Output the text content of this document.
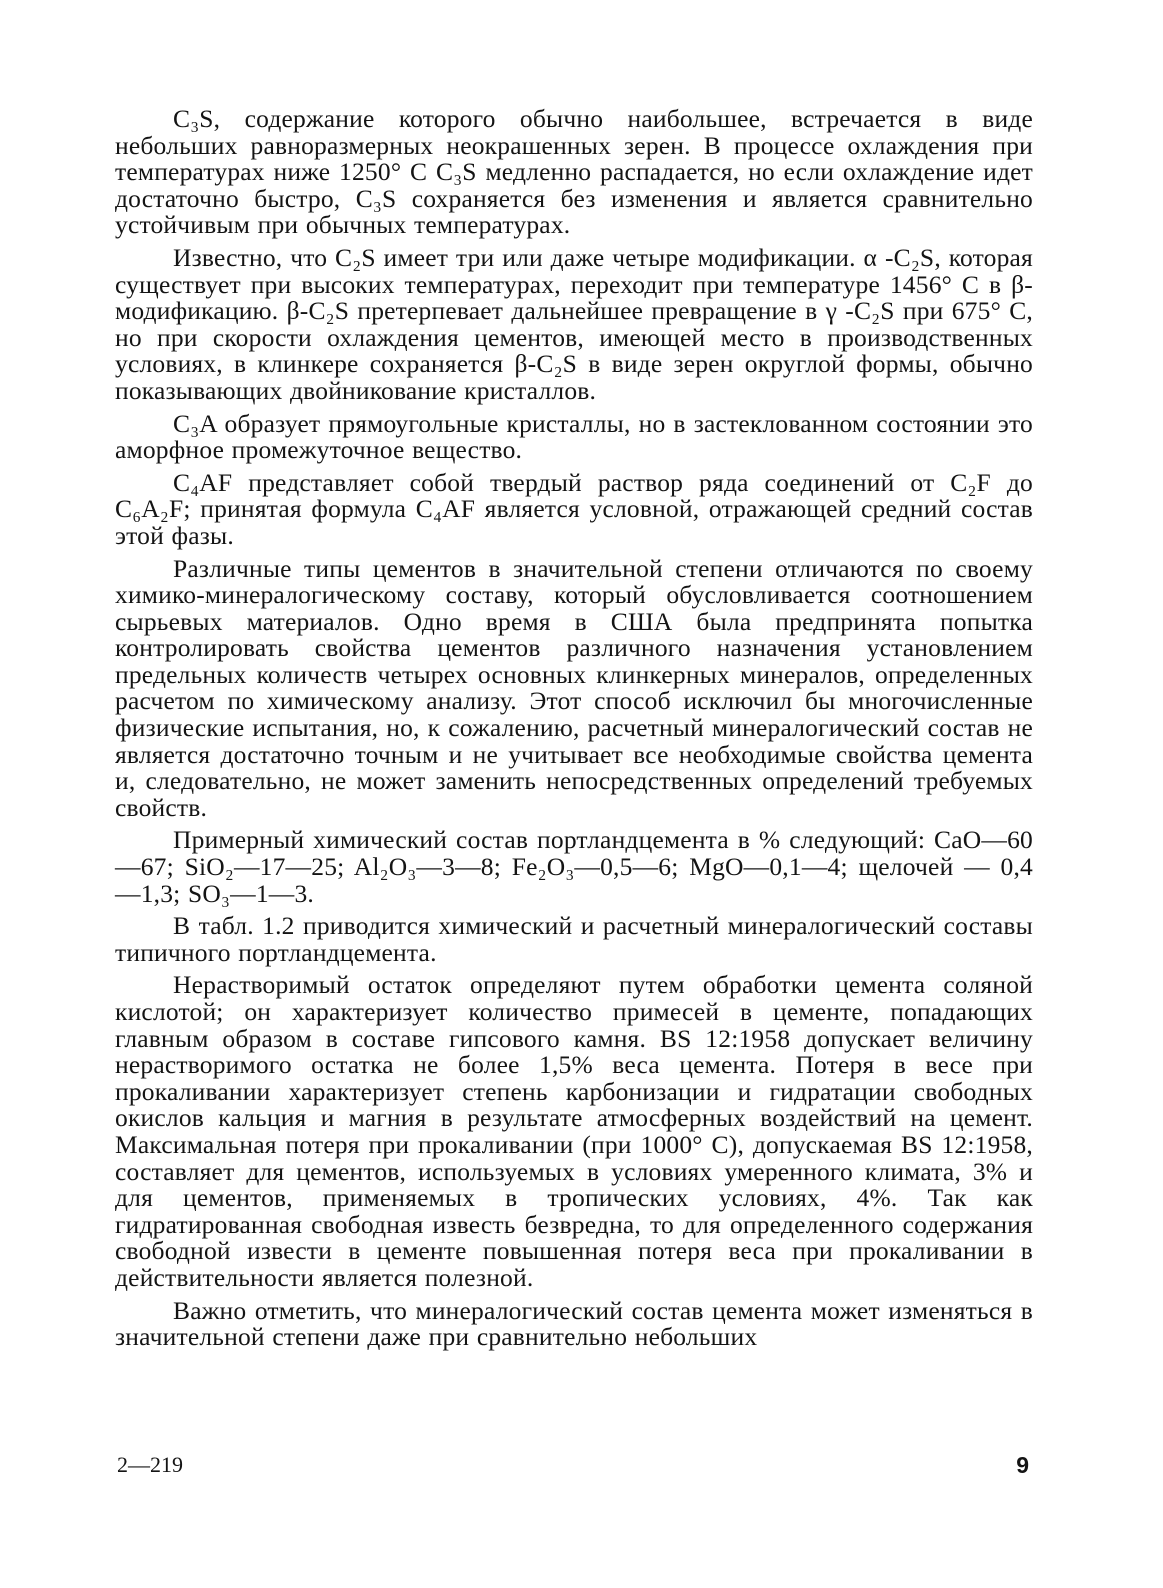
C₃S, содержание которого обычно наибольшее, встречается в виде небольших равноразмерных неокрашенных зерен. В процессе охлаждения при температурах ниже 1250° С C₃S медленно распадается, но если охлаждение идет достаточно быстро, C₃S сохраняется без изменения и является сравнительно устойчивым при обычных температурах.

Известно, что C₂S имеет три или даже четыре модификации. α -C₂S, которая существует при высоких температурах, переходит при температуре 1456° С в β-модификацию. β-C₂S претерпевает дальнейшее превращение в γ -C₂S при 675° С, но при скорости охлаждения цементов, имеющей место в производственных условиях, в клинкере сохраняется β-C₂S в виде зерен округлой формы, обычно показывающих двойникование кристаллов.

C₃A образует прямоугольные кристаллы, но в застеклованном состоянии это аморфное промежуточное вещество.

C₄AF представляет собой твердый раствор ряда соединений от C₂F до C₆A₂F; принятая формула C₄AF является условной, отражающей средний состав этой фазы.

Различные типы цементов в значительной степени отличаются по своему химико-минералогическому составу, который обусловливается соотношением сырьевых материалов. Одно время в США была предпринята попытка контролировать свойства цементов различного назначения установлением предельных количеств четырех основных клинкерных минералов, определенных расчетом по химическому анализу. Этот способ исключил бы многочисленные физические испытания, но, к сожалению, расчетный минералогический состав не является достаточно точным и не учитывает все необходимые свойства цемента и, следовательно, не может заменить непосредственных определений требуемых свойств.

Примерный химический состав портландцемента в % следующий: CaO—60—67; SiO₂—17—25; Al₂O₃—3—8; Fe₂O₃—0,5—6; MgO—0,1—4; щелочей — 0,4—1,3; SO₃—1—3.

В табл. 1.2 приводится химический и расчетный минералогический составы типичного портландцемента.

Нерастворимый остаток определяют путем обработки цемента соляной кислотой; он характеризует количество примесей в цементе, попадающих главным образом в составе гипсового камня. BS 12:1958 допускает величину нерастворимого остатка не более 1,5% веса цемента. Потеря в весе при прокаливании характеризует степень карбонизации и гидратации свободных окислов кальция и магния в результате атмосферных воздействий на цемент. Максимальная потеря при прокаливании (при 1000° С), допускаемая BS 12:1958, составляет для цементов, используемых в условиях умеренного климата, 3% и для цементов, применяемых в тропических условиях, 4%. Так как гидратированная свободная известь безвредна, то для определенного содержания свободной извести в цементе повышенная потеря веса при прокаливании в действительности является полезной.

Важно отметить, что минералогический состав цемента может изменяться в значительной степени даже при сравнительно небольших

2—219	9
